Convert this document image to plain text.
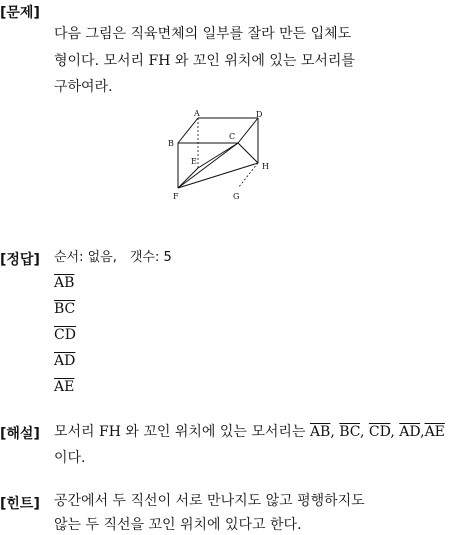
[문제]
다음 그림은 직육면체의 일부를 잘라 만든 입체도
형이다. 모서리 FH 와 꼬인 위치에 있는 모서리를
구하여라.
A	D
B
C
E
H
F	G
[정답] 순서: 없음,　갯수: 5
$\overline{AB}$
$\overline{BC}$
$\overline{CD}$
$\overline{AD}$
$\overline{AE}$
[해설] 모서리 FH 와 꼬인 위치에 있는 모서리는 $\overline{AB}$, $\overline{BC}$, $\overline{CD}$, $\overline{AD},\overline{AE}$
이다.
[힌트] 공간에서 두 직선이 서로 만나지도 않고 평행하지도
않는 두 직선을 꼬인 위치에 있다고 한다.
